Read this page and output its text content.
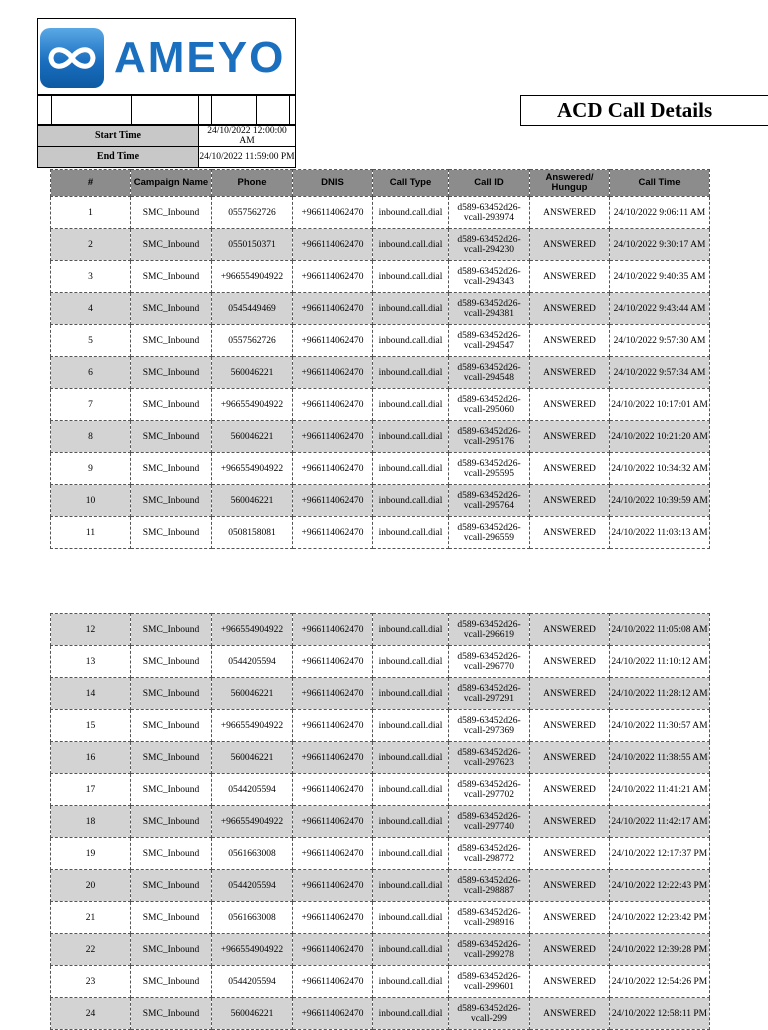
AMEYO
ACD Call Details
Start Time	24/10/2022 12:00:00 AM
End Time	24/10/2022 11:59:00 PM
#	Campaign Name	Phone	DNIS	Call Type	Call ID	Answered/ Hungup	Call Time
1	SMC_Inbound	0557562726	+966114062470	inbound.call.dial	d589-63452d26-vcall-293974	ANSWERED	24/10/2022 9:06:11 AM
2	SMC_Inbound	0550150371	+966114062470	inbound.call.dial	d589-63452d26-vcall-294230	ANSWERED	24/10/2022 9:30:17 AM
3	SMC_Inbound	+966554904922	+966114062470	inbound.call.dial	d589-63452d26-vcall-294343	ANSWERED	24/10/2022 9:40:35 AM
4	SMC_Inbound	0545449469	+966114062470	inbound.call.dial	d589-63452d26-vcall-294381	ANSWERED	24/10/2022 9:43:44 AM
5	SMC_Inbound	0557562726	+966114062470	inbound.call.dial	d589-63452d26-vcall-294547	ANSWERED	24/10/2022 9:57:30 AM
6	SMC_Inbound	560046221	+966114062470	inbound.call.dial	d589-63452d26-vcall-294548	ANSWERED	24/10/2022 9:57:34 AM
7	SMC_Inbound	+966554904922	+966114062470	inbound.call.dial	d589-63452d26-vcall-295060	ANSWERED	24/10/2022 10:17:01 AM
8	SMC_Inbound	560046221	+966114062470	inbound.call.dial	d589-63452d26-vcall-295176	ANSWERED	24/10/2022 10:21:20 AM
9	SMC_Inbound	+966554904922	+966114062470	inbound.call.dial	d589-63452d26-vcall-295595	ANSWERED	24/10/2022 10:34:32 AM
10	SMC_Inbound	560046221	+966114062470	inbound.call.dial	d589-63452d26-vcall-295764	ANSWERED	24/10/2022 10:39:59 AM
11	SMC_Inbound	0508158081	+966114062470	inbound.call.dial	d589-63452d26-vcall-296559	ANSWERED	24/10/2022 11:03:13 AM
12	SMC_Inbound	+966554904922	+966114062470	inbound.call.dial	d589-63452d26-vcall-296619	ANSWERED	24/10/2022 11:05:08 AM
13	SMC_Inbound	0544205594	+966114062470	inbound.call.dial	d589-63452d26-vcall-296770	ANSWERED	24/10/2022 11:10:12 AM
14	SMC_Inbound	560046221	+966114062470	inbound.call.dial	d589-63452d26-vcall-297291	ANSWERED	24/10/2022 11:28:12 AM
15	SMC_Inbound	+966554904922	+966114062470	inbound.call.dial	d589-63452d26-vcall-297369	ANSWERED	24/10/2022 11:30:57 AM
16	SMC_Inbound	560046221	+966114062470	inbound.call.dial	d589-63452d26-vcall-297623	ANSWERED	24/10/2022 11:38:55 AM
17	SMC_Inbound	0544205594	+966114062470	inbound.call.dial	d589-63452d26-vcall-297702	ANSWERED	24/10/2022 11:41:21 AM
18	SMC_Inbound	+966554904922	+966114062470	inbound.call.dial	d589-63452d26-vcall-297740	ANSWERED	24/10/2022 11:42:17 AM
19	SMC_Inbound	0561663008	+966114062470	inbound.call.dial	d589-63452d26-vcall-298772	ANSWERED	24/10/2022 12:17:37 PM
20	SMC_Inbound	0544205594	+966114062470	inbound.call.dial	d589-63452d26-vcall-298887	ANSWERED	24/10/2022 12:22:43 PM
21	SMC_Inbound	0561663008	+966114062470	inbound.call.dial	d589-63452d26-vcall-298916	ANSWERED	24/10/2022 12:23:42 PM
22	SMC_Inbound	+966554904922	+966114062470	inbound.call.dial	d589-63452d26-vcall-299278	ANSWERED	24/10/2022 12:39:28 PM
23	SMC_Inbound	0544205594	+966114062470	inbound.call.dial	d589-63452d26-vcall-299601	ANSWERED	24/10/2022 12:54:26 PM
24	SMC_Inbound	560046221	+966114062470	inbound.call.dial	d589-63452d26-vcall-299	ANSWERED	24/10/2022 12:58:11 PM
